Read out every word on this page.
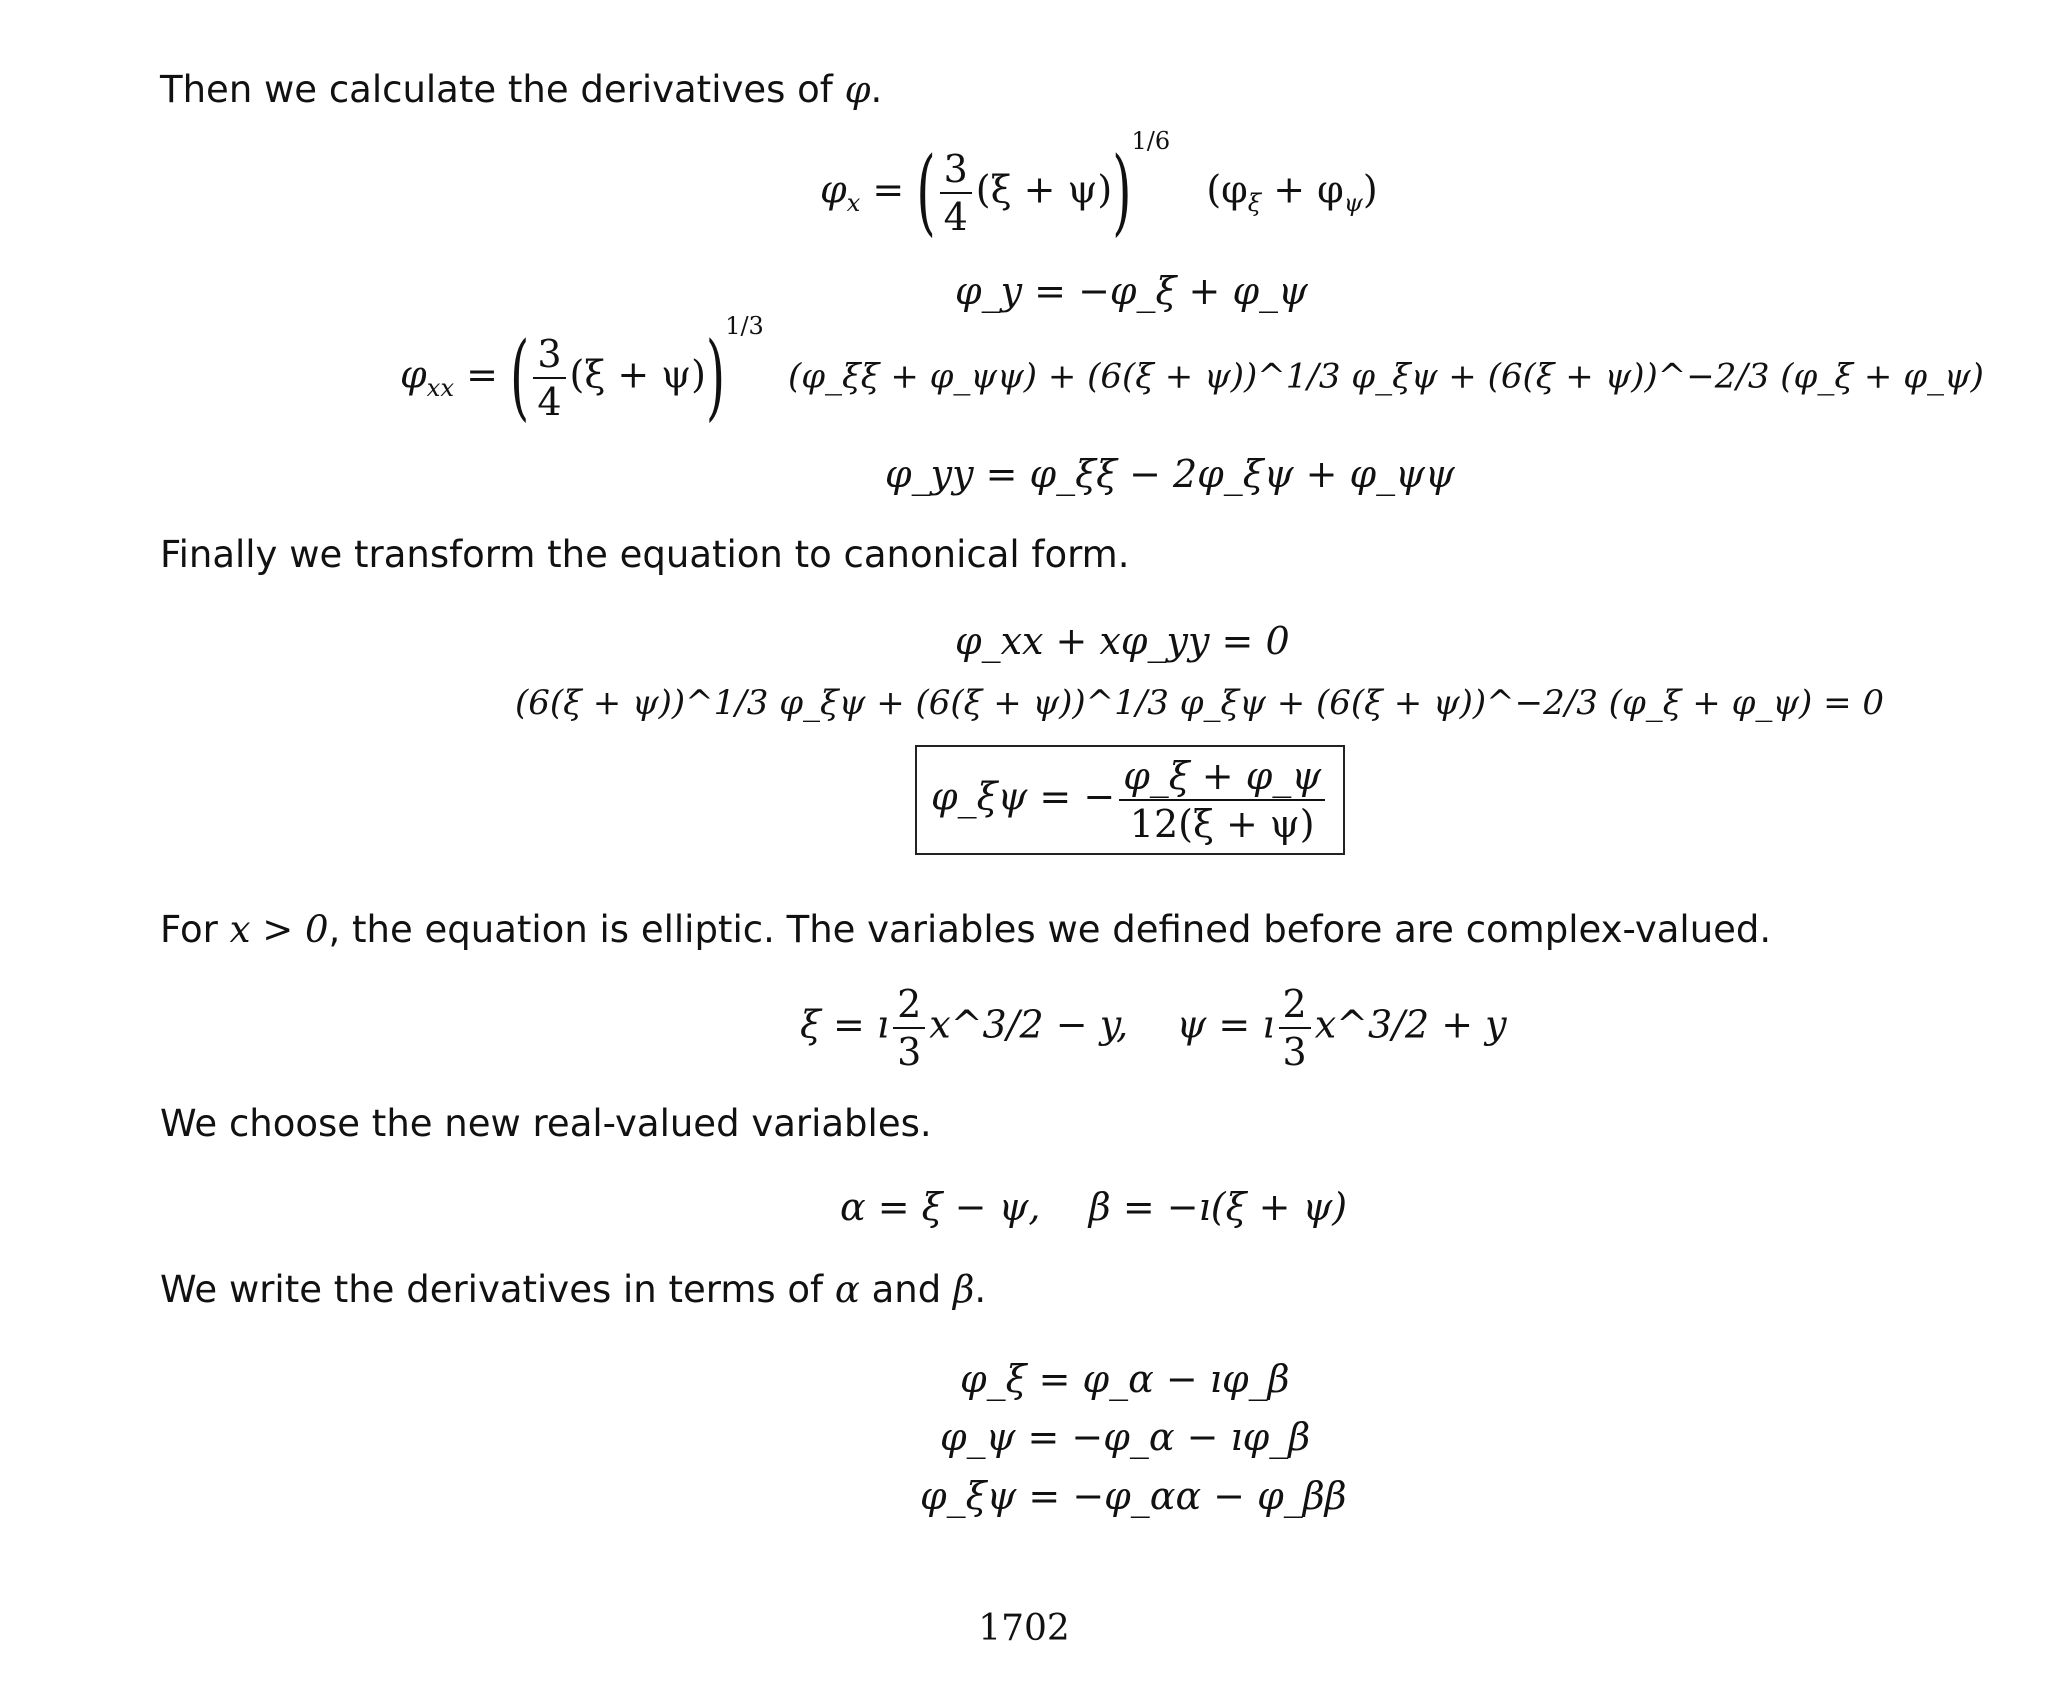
Then we calculate the derivatives of φ.
$\varphi_x$ = ( $\frac{3}{4} (\xi + \psi))^{1/6}$   $(\varphi_\xi + \varphi_\psi)$
φ_y = −φ_ξ + φ_ψ
$\varphi_{xx}$ = ( $\frac{3}{4} (\xi + \psi))^{1/3}$  (φ_ξξ + φ_ψψ) + (6(ξ + ψ))^1/3 φ_ξψ + (6(ξ + ψ))^−2/3 (φ_ξ + φ_ψ)
φ_yy = φ_ξξ − 2φ_ξψ + φ_ψψ
Finally we transform the equation to canonical form.
φ_xx + xφ_yy = 0
(6(ξ + ψ))^1/3 φ_ξψ + (6(ξ + ψ))^1/3 φ_ξψ + (6(ξ + ψ))^−2/3 (φ_ξ + φ_ψ) = 0
φ_ξψ = − $\frac{\varphi\_\xi + \varphi\_\psi}{12(\xi + \psi)}$
For x > 0, the equation is elliptic. The variables we defined before are complex-valued.
ξ = ı $\frac{2}{3}$ x^3/2 − y, ψ = ı $\frac{2}{3}$ x^3/2 + y
We choose the new real-valued variables.
α = ξ − ψ,    β = −ı(ξ + ψ)
We write the derivatives in terms of α and β.
φ_ξ = φ_α − ıφ_β
φ_ψ = −φ_α − ıφ_β
φ_ξψ = −φ_αα − φ_ββ
1702
